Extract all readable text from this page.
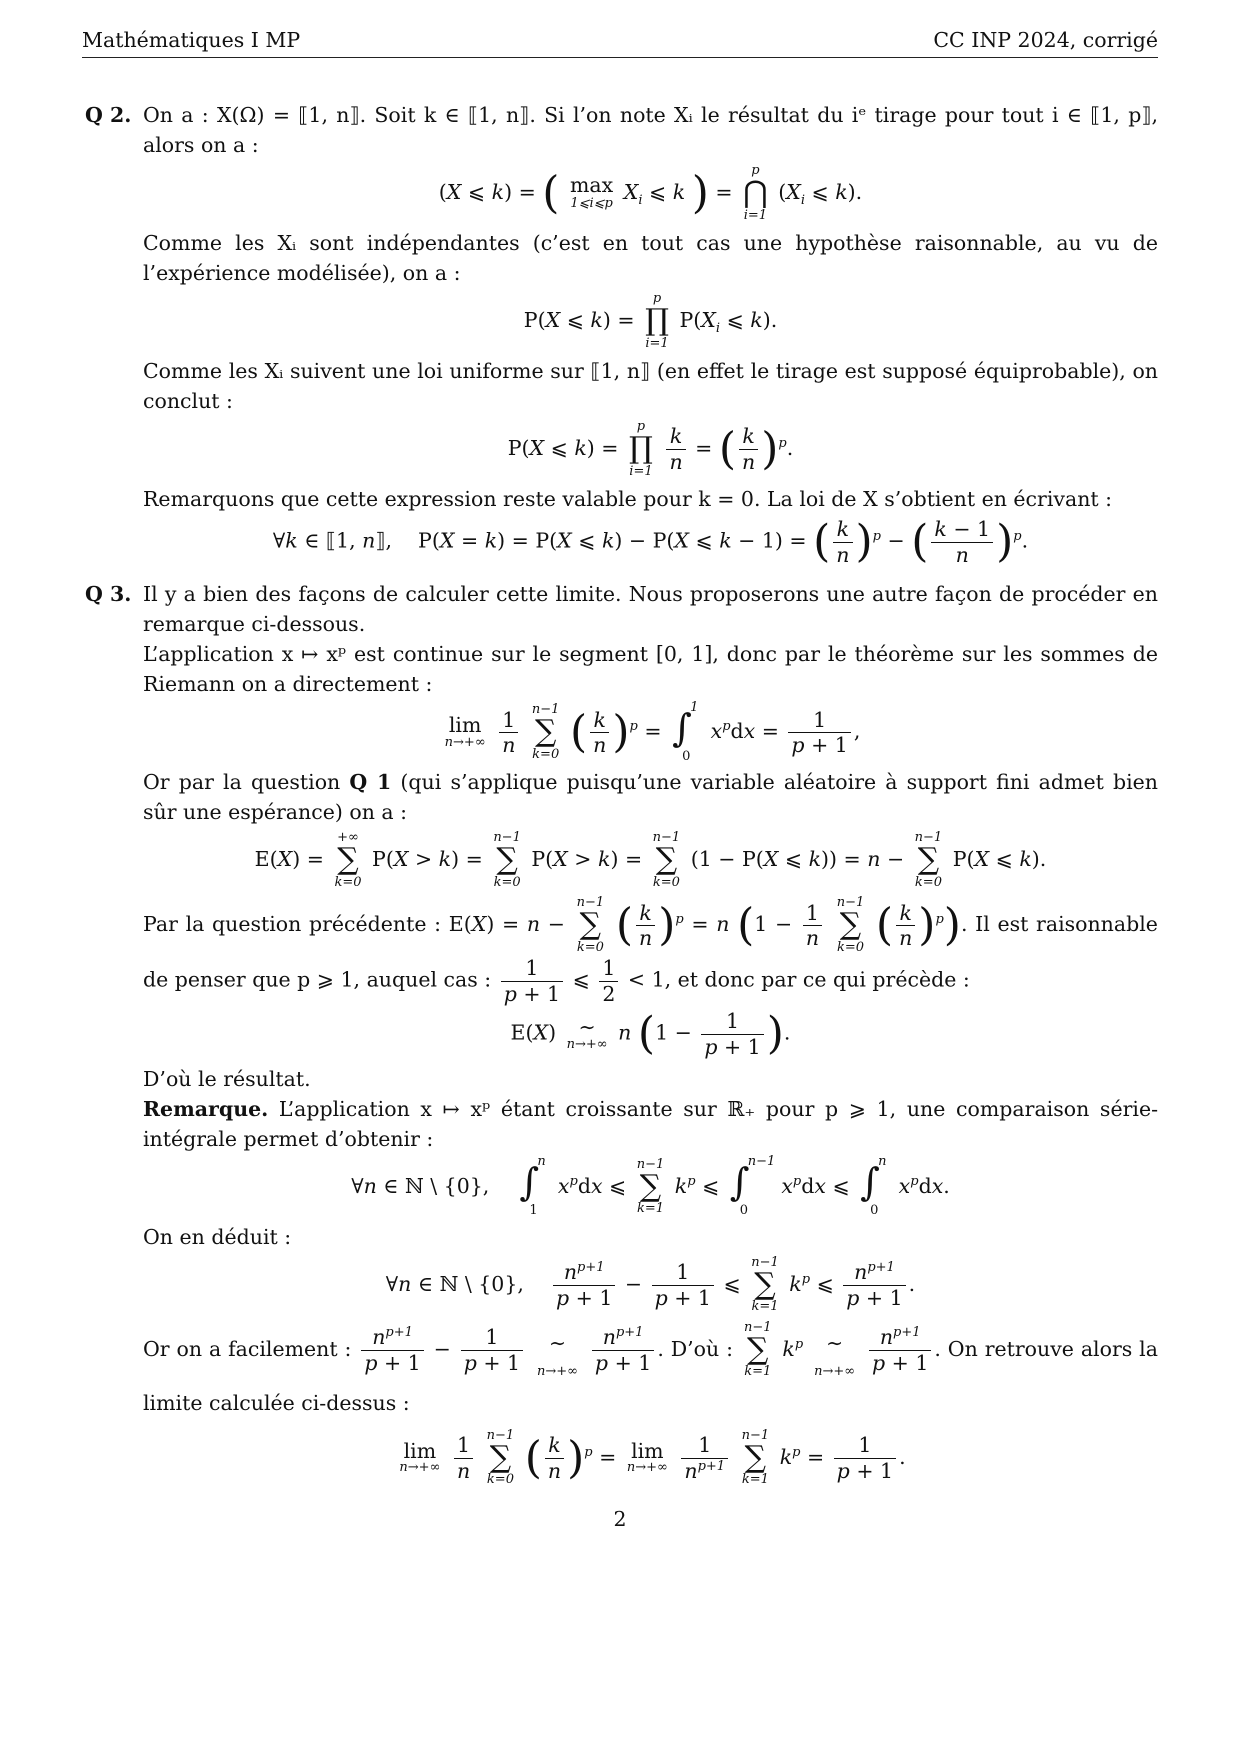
Mathématiques I MP	CC INP 2024, corrigé
Q 2. On a : X(Ω) = ⟦1, n⟧. Soit k ∈ ⟦1, n⟧. Si l’on note Xᵢ le résultat du iᵉ tirage pour tout i ∈ ⟦1, p⟧, alors on a :

(X ⩽ k) = ( max
1⩽i⩽p $X_i$ ⩽ k ) =
p
⋂
i=1
($X_i$ ⩽ k).

Comme les Xᵢ sont indépendantes (c’est en tout cas une hypothèse raisonnable, au vu de l’expérience modélisée), on a :

P(X ⩽ k) =
p
∏
i=1
$P(X_i$ ⩽ k).

Comme les Xᵢ suivent une loi uniforme sur ⟦1, n⟧ (en effet le tirage est supposé équiprobable), on conclut :

P(X ⩽ k) =
p
∏
i=1
$\frac{k}{n}$ = ( $\frac{k}{n} )^p$.

Remarquons que cette expression reste valable pour k = 0. La loi de X s’obtient en écrivant :

∀k ∈ ⟦1, n⟧,    P(X = k) = P(X ⩽ k) − P(X ⩽ k − 1) = ( $\frac{k}{n} )^p$ − ( $\frac{k - 1}{n} )^p$.
Q 3. Il y a bien des façons de calculer cette limite. Nous proposerons une autre façon de procéder en remarque ci-dessous.

L’application x ↦ xᵖ est continue sur le segment [0, 1], donc par le théorème sur les sommes de Riemann on a directement :

lim
n→+∞
$\frac{1}{n}$
n−1
∑
k=0 ( $\frac{k}{n} )^p$ = ∫
1
0
$x^pdx = \frac{1}{p + 1}$ ,

Or par la question Q 1 (qui s’applique puisqu’une variable aléatoire à support fini admet bien sûr une espérance) on a :

E(X) =
+∞
∑
k=0
P(X > k) =
n−1
∑
k=0
P(X > k) =
n−1
∑
k=0
(1 − P(X ⩽ k)) = n −
n−1
∑
k=0
P(X ⩽ k).

Par la question précédente : E(X) = n −
n−1
∑
k=0 ( $\frac{k}{n} )^p = n$ ($1 - \frac{1}{n}$
n−1
∑
k=0 ( $\frac{k}{n} )^p$). Il est raisonnable de penser que p ⩾ 1, auquel cas : $\frac{1}{p + 1}$ ⩽ $\frac{1}{2} < 1$, et donc par ce qui précède :

E(X) ∼
n→+∞ n ($1 - \frac{1}{p + 1}$ ).

D’où le résultat.

Remarque. L’application x ↦ xᵖ étant croissante sur ℝ₊ pour p ⩾ 1, une comparaison série-intégrale permet d’obtenir :

∀n ∈ ℕ \ {0}, ∫
n
1
$x^pdx$ ⩽
n−1
∑
k=1
$k^p$ ⩽ ∫
n−1
0
$x^pdx$ ⩽ ∫
n
0
$x^pdx$.

On en déduit :

∀n ∈ ℕ \ {0}, $\frac{n^{p+1}}{p + 1} - \frac{1}{p + 1}$ ⩽
n−1
∑
k=1
$k^p$ ⩽ $\frac{n^{p+1}}{p + 1}$ .

Or on a facilement : $\frac{n^{p+1}}{p + 1} - \frac{1}{p + 1}$ ∼
n→+∞
$\frac{n^{p+1}}{p + 1}$ . D’où :
n−1
∑
k=1
$k^p$ ∼
n→+∞
$\frac{n^{p+1}}{p + 1}$ . On retrouve alors la limite calculée ci-dessus :

lim
n→+∞
$\frac{1}{n}$
n−1
∑
k=0 ( $\frac{k}{n} )^p = \lim$
n→+∞
$\frac{1}{n^{p+1}}$
n−1
∑
k=1
$k^p = \frac{1}{p + 1}$ .
2
